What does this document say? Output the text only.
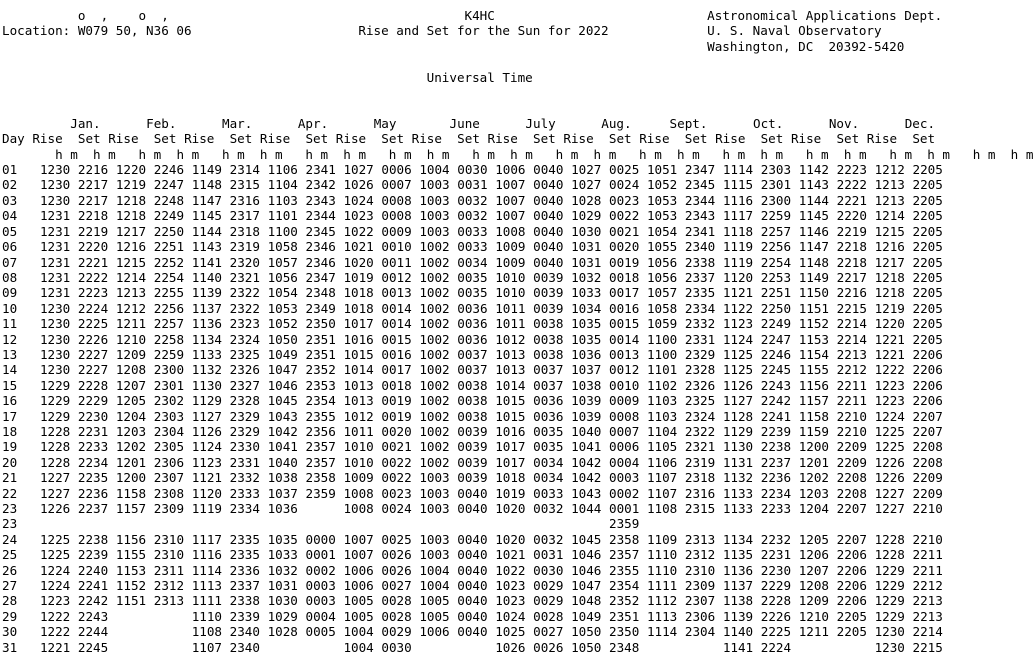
o  ,    o  ,	K4HC	Astronomical Applications Dept.
Location: W079 50, N36 06	Rise and Set for the Sun for 2022	U. S. Naval Observatory
Washington, DC  20392-5420

Universal Time

Jan.	Feb.	Mar.	Apr.	May	June	July	Aug.	Sept.	Oct.	Nov.	Dec.
Day Rise Set Rise Set Rise Set Rise Set Rise Set Rise Set Rise Set Rise Set Rise Set Rise Set Rise Set Rise Set
h m h m h m h m h m h m h m h m h m h m h m h m h m h m h m h m h m h m h m h m h m h m h m h m
01 1230 2216 1220 2246 1149 2314 1106 2341 1027 0006 1004 0030 1006 0040 1027 0025 1051 2347 1114 2303 1142 2223 1212 2205
02 1230 2217 1219 2247 1148 2315 1104 2342 1026 0007 1003 0031 1007 0040 1027 0024 1052 2345 1115 2301 1143 2222 1213 2205
03 1230 2217 1218 2248 1147 2316 1103 2343 1024 0008 1003 0032 1007 0040 1028 0023 1053 2344 1116 2300 1144 2221 1213 2205
04 1231 2218 1218 2249 1145 2317 1101 2344 1023 0008 1003 0032 1007 0040 1029 0022 1053 2343 1117 2259 1145 2220 1214 2205
05 1231 2219 1217 2250 1144 2318 1100 2345 1022 0009 1003 0033 1008 0040 1030 0021 1054 2341 1118 2257 1146 2219 1215 2205
06 1231 2220 1216 2251 1143 2319 1058 2346 1021 0010 1002 0033 1009 0040 1031 0020 1055 2340 1119 2256 1147 2218 1216 2205
07 1231 2221 1215 2252 1141 2320 1057 2346 1020 0011 1002 0034 1009 0040 1031 0019 1056 2338 1119 2254 1148 2218 1217 2205
08 1231 2222 1214 2254 1140 2321 1056 2347 1019 0012 1002 0035 1010 0039 1032 0018 1056 2337 1120 2253 1149 2217 1218 2205
09 1231 2223 1213 2255 1139 2322 1054 2348 1018 0013 1002 0035 1010 0039 1033 0017 1057 2335 1121 2251 1150 2216 1218 2205
10 1230 2224 1212 2256 1137 2322 1053 2349 1018 0014 1002 0036 1011 0039 1034 0016 1058 2334 1122 2250 1151 2215 1219 2205
11 1230 2225 1211 2257 1136 2323 1052 2350 1017 0014 1002 0036 1011 0038 1035 0015 1059 2332 1123 2249 1152 2214 1220 2205
12 1230 2226 1210 2258 1134 2324 1050 2351 1016 0015 1002 0036 1012 0038 1035 0014 1100 2331 1124 2247 1153 2214 1221 2205
13 1230 2227 1209 2259 1133 2325 1049 2351 1015 0016 1002 0037 1013 0038 1036 0013 1100 2329 1125 2246 1154 2213 1221 2206
14 1230 2227 1208 2300 1132 2326 1047 2352 1014 0017 1002 0037 1013 0037 1037 0012 1101 2328 1125 2245 1155 2212 1222 2206
15 1229 2228 1207 2301 1130 2327 1046 2353 1013 0018 1002 0038 1014 0037 1038 0010 1102 2326 1126 2243 1156 2211 1223 2206
16 1229 2229 1205 2302 1129 2328 1045 2354 1013 0019 1002 0038 1015 0036 1039 0009 1103 2325 1127 2242 1157 2211 1223 2206
17 1229 2230 1204 2303 1127 2329 1043 2355 1012 0019 1002 0038 1015 0036 1039 0008 1103 2324 1128 2241 1158 2210 1224 2207
18 1228 2231 1203 2304 1126 2329 1042 2356 1011 0020 1002 0039 1016 0035 1040 0007 1104 2322 1129 2239 1159 2210 1225 2207
19 1228 2233 1202 2305 1124 2330 1041 2357 1010 0021 1002 0039 1017 0035 1041 0006 1105 2321 1130 2238 1200 2209 1225 2208
20 1228 2234 1201 2306 1123 2331 1040 2357 1010 0022 1002 0039 1017 0034 1042 0004 1106 2319 1131 2237 1201 2209 1226 2208
21 1227 2235 1200 2307 1121 2332 1038 2358 1009 0022 1003 0039 1018 0034 1042 0003 1107 2318 1132 2236 1202 2208 1226 2209
22 1227 2236 1158 2308 1120 2333 1037 2359 1008 0023 1003 0040 1019 0033 1043 0002 1107 2316 1133 2234 1203 2208 1227 2209
23 1226 2237 1157 2309 1119 2334 1036	1008 0024 1003 0040 1020 0032 1044 0001 1108 2315 1133 2233 1204 2207 1227 2210
23	2359
24 1225 2238 1156 2310 1117 2335 1035 0000 1007 0025 1003 0040 1020 0032 1045 2358 1109 2313 1134 2232 1205 2207 1228 2210
25 1225 2239 1155 2310 1116 2335 1033 0001 1007 0026 1003 0040 1021 0031 1046 2357 1110 2312 1135 2231 1206 2206 1228 2211
26 1224 2240 1153 2311 1114 2336 1032 0002 1006 0026 1004 0040 1022 0030 1046 2355 1110 2310 1136 2230 1207 2206 1229 2211
27 1224 2241 1152 2312 1113 2337 1031 0003 1006 0027 1004 0040 1023 0029 1047 2354 1111 2309 1137 2229 1208 2206 1229 2212
28 1223 2242 1151 2313 1111 2338 1030 0003 1005 0028 1005 0040 1023 0029 1048 2352 1112 2307 1138 2228 1209 2206 1229 2213
29 1222 2243	1110 2339 1029 0004 1005 0028 1005 0040 1024 0028 1049 2351 1113 2306 1139 2226 1210 2205 1229 2213
30 1222 2244	1108 2340 1028 0005 1004 0029 1006 0040 1025 0027 1050 2350 1114 2304 1140 2225 1211 2205 1230 2214
31 1221 2245	1107 2340	1004 0030	1026 0026 1050 2348	1141 2224	1230 2215
